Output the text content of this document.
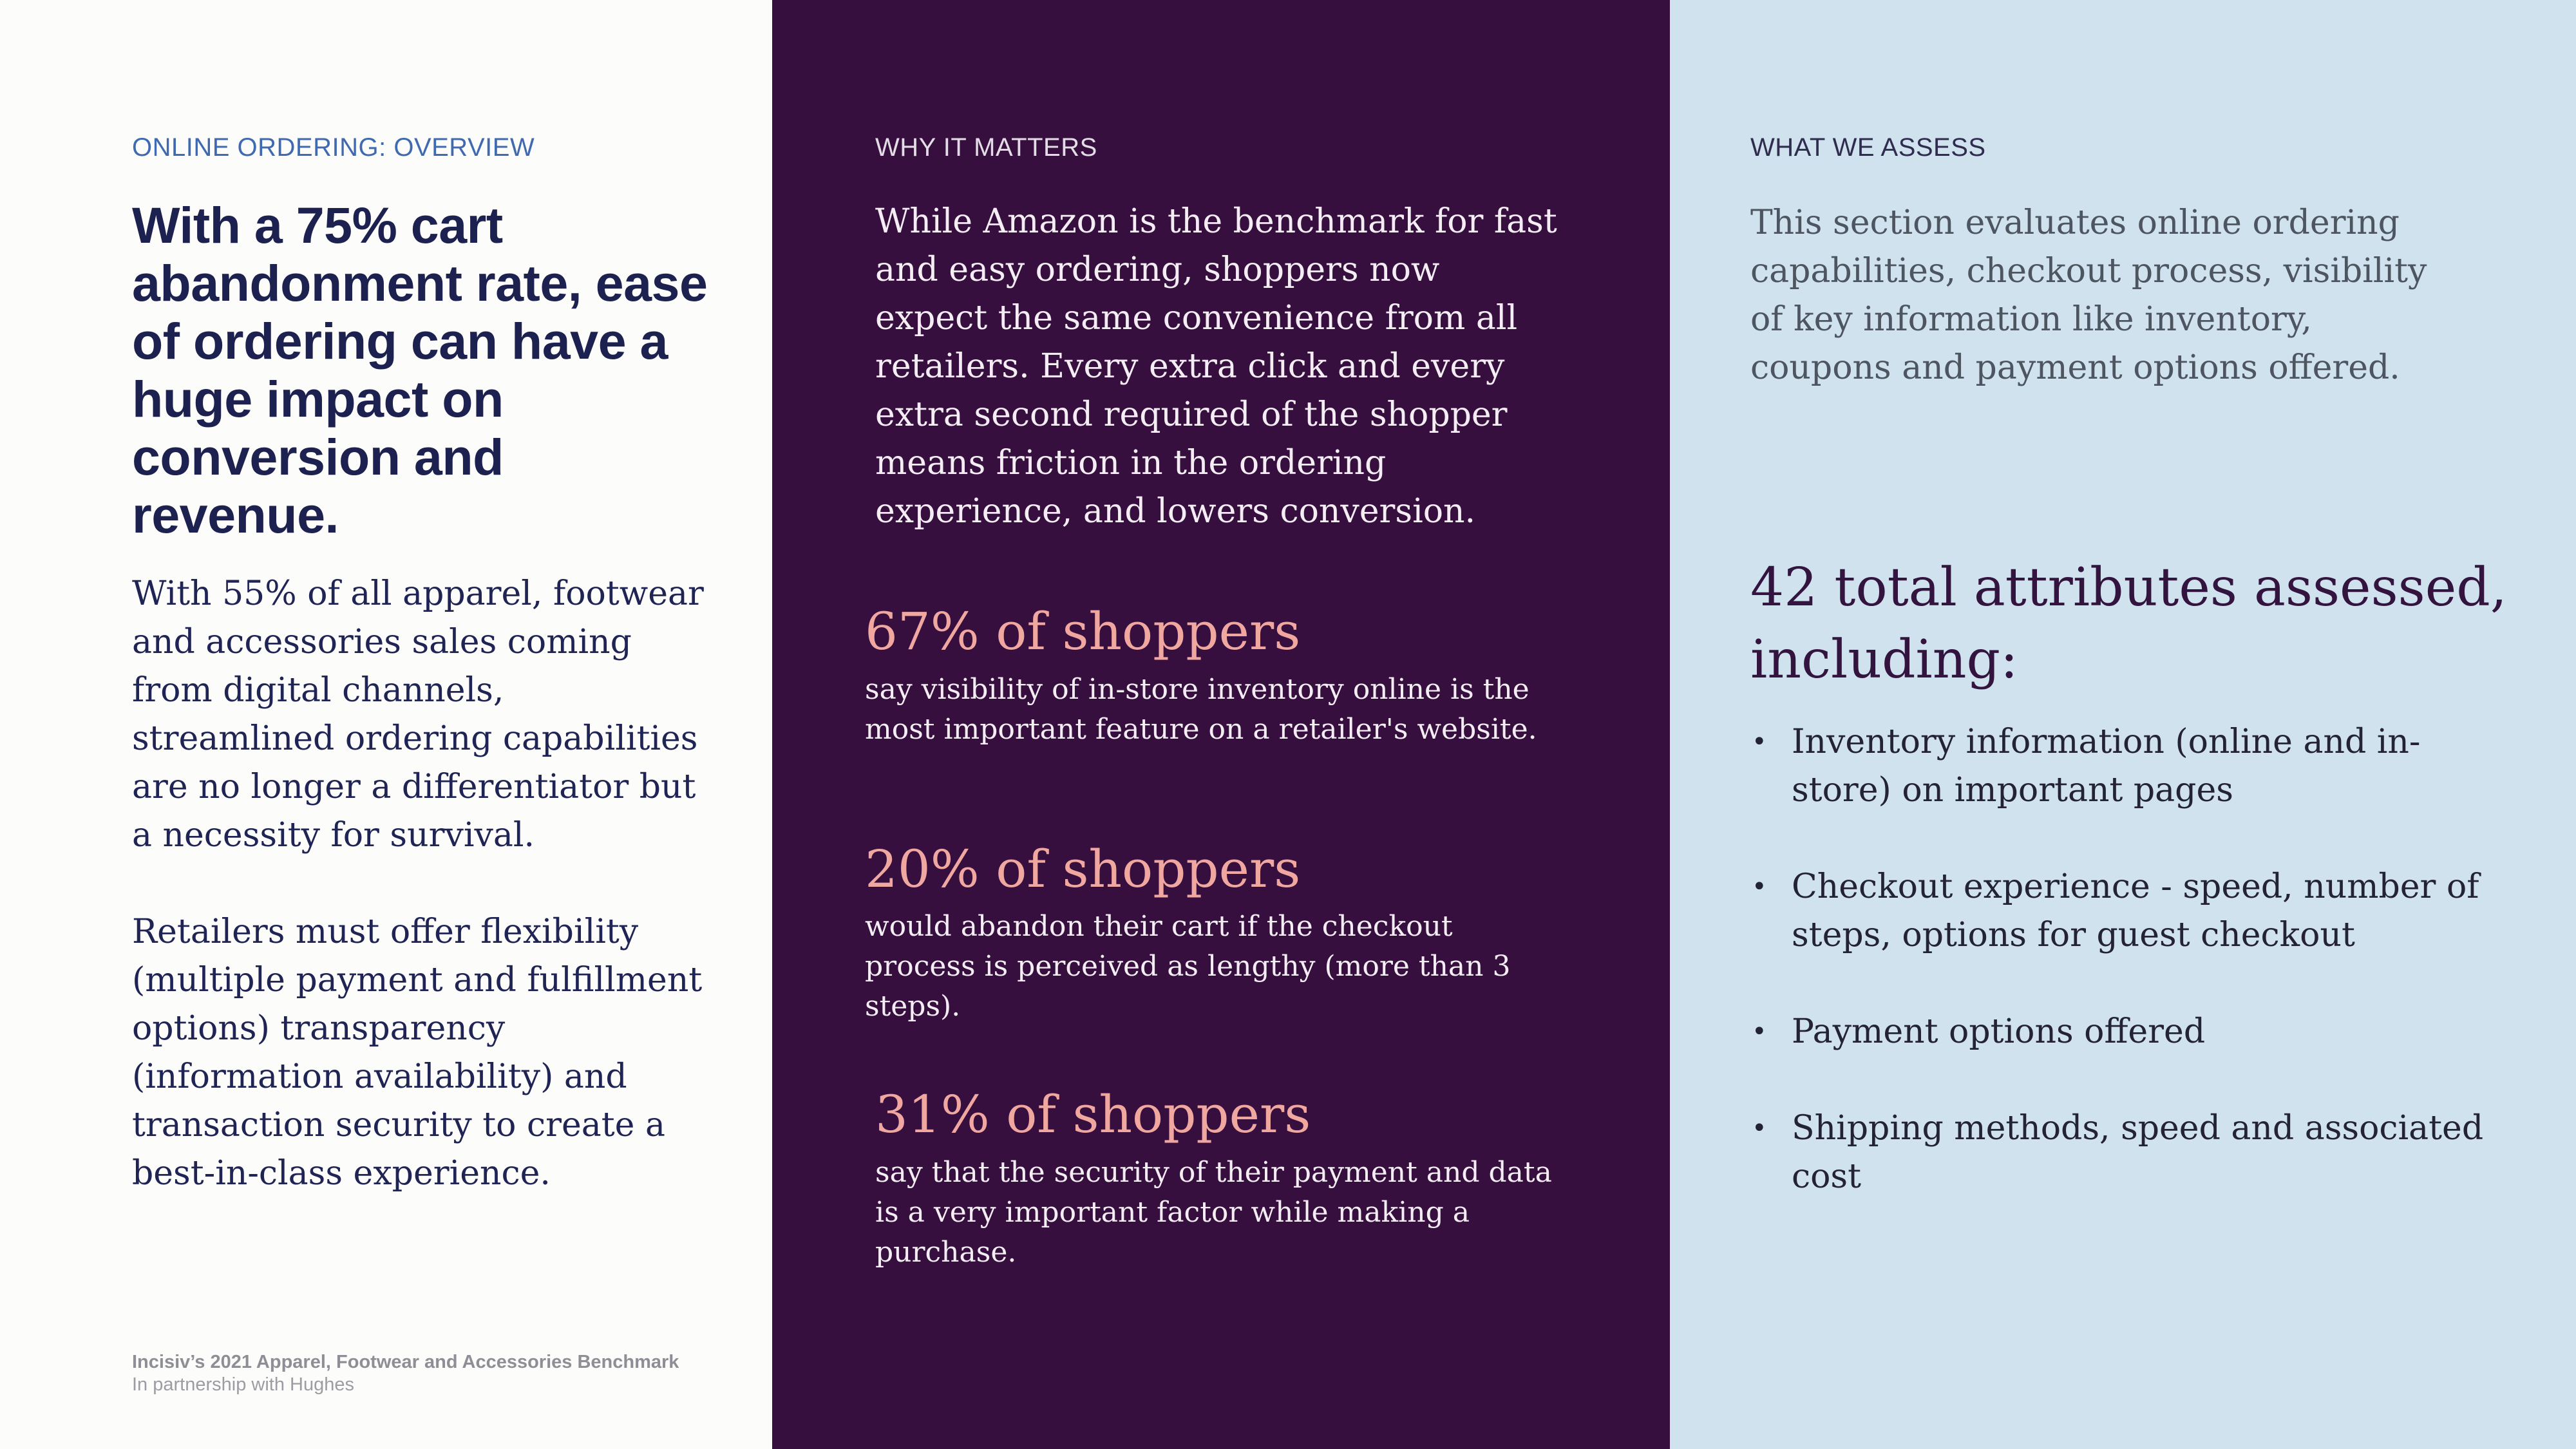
ONLINE ORDERING: OVERVIEW

With a 75% cart abandonment rate, ease of ordering can have a huge impact on conversion and revenue.

With 55% of all apparel, footwear and accessories sales coming from digital channels, streamlined ordering capabilities are no longer a differentiator but a necessity for survival.

Retailers must offer flexibility (multiple payment and fulfillment options) transparency (information availability) and transaction security to create a best-in-class experience.

Incisiv’s 2021 Apparel, Footwear and Accessories Benchmark

In partnership with Hughes

WHY IT MATTERS

While Amazon is the benchmark for fast and easy ordering, shoppers now expect the same convenience from all retailers. Every extra click and every extra second required of the shopper means friction in the ordering experience, and lowers conversion.

67% of shoppers

say visibility of in-store inventory online is the most important feature on a retailer's website.

20% of shoppers

would abandon their cart if the checkout process is perceived as lengthy (more than 3 steps).

31% of shoppers

say that the security of their payment and data is a very important factor while making a purchase.

WHAT WE ASSESS

This section evaluates online ordering capabilities, checkout process, visibility of key information like inventory, coupons and payment options offered.

42 total attributes assessed, including:
• Inventory information (online and in-store) on important pages
• Checkout experience - speed, number of steps, options for guest checkout
• Payment options offered
• Shipping methods, speed and associated cost
